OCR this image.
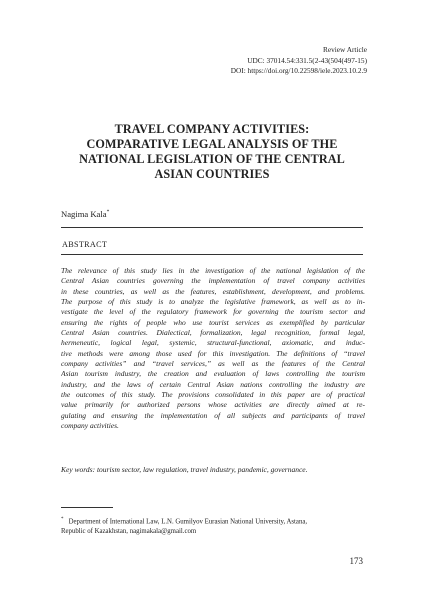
Review Article
UDC: 37014.54:331.5(2-43(504(497-15)
DOI: https://doi.org/10.22598/iele.2023.10.2.9
TRAVEL COMPANY ACTIVITIES:
COMPARATIVE LEGAL ANALYSIS OF THE
NATIONAL LEGISLATION OF THE CENTRAL
ASIAN COUNTRIES
Nagima Kala*
ABSTRACT
The relevance of this study lies in the investigation of the national legislation of the
Central Asian countries governing the implementation of travel company activities
in these countries, as well as the features, establishment, development, and problems.
The purpose of this study is to analyze the legislative framework, as well as to in-
vestigate the level of the regulatory framework for governing the tourism sector and
ensuring the rights of people who use tourist services as exemplified by particular
Central Asian countries. Dialectical, formalization, legal recognition, formal legal,
hermeneutic, logical legal, systemic, structural-functional, axiomatic, and induc-
tive methods were among those used for this investigation. The definitions of “travel
company activities” and “travel services,” as well as the features of the Central
Asian tourism industry, the creation and evaluation of laws controlling the tourism
industry, and the laws of certain Central Asian nations controlling the industry are
the outcomes of this study. The provisions consolidated in this paper are of practical
value primarily for authorized persons whose activities are directly aimed at re-
gulating and ensuring the implementation of all subjects and participants of travel
company activities.
Key words: tourism sector, law regulation, travel industry, pandemic, governance.
* Department of International Law, L.N. Gumilyov Eurasian National University, Astana,
Republic of Kazakhstan, nagimakala@gmail.com
173
